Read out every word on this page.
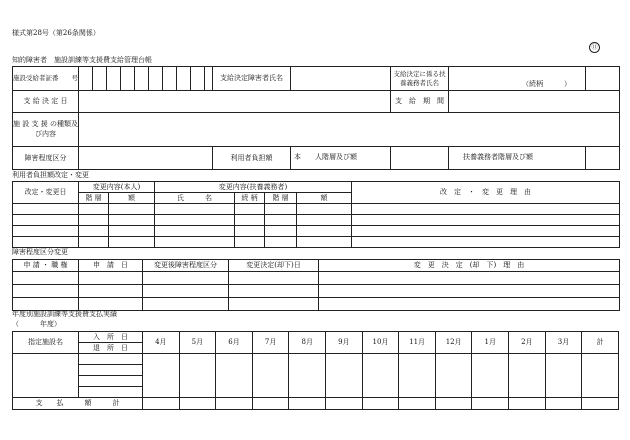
様式第28号（第26条関係）
⑪
知的障害者　施設訓練等支援費支給管理台帳
施設受給者証番　　号											支給決定障害者氏名		支給決定に係る扶養義務者氏名	（続柄　　　）	
支 給 決 定 日													支　給　期　間		
施 設 支 援 の種類及び内容															
障害程度区分											利用者負担額	本　　人階層及び額		扶養義務者階層及び額	
利用者負担額改定・変更
改定・変更日	変更内容(本人)		変更内容(扶養義務者)				改　定　・　変　更　理　由
	階 層	額	氏　　　名	続 柄	階 層	額	

障害程度区分変更
申 請 ・ 職 権	申　請　日	変更後障害程度区分	変更決定(却下)日	変　更　決　定　(却　下)　理　由

年度別施設訓練等支援費支払実績
（　　　年度）
指定施設名	入　所　日	4月	5月	6月	7月	8月	9月	10月	11月	12月	1月	2月	3月	計
	退　所　日													

支　　払　　　額　　　計														
